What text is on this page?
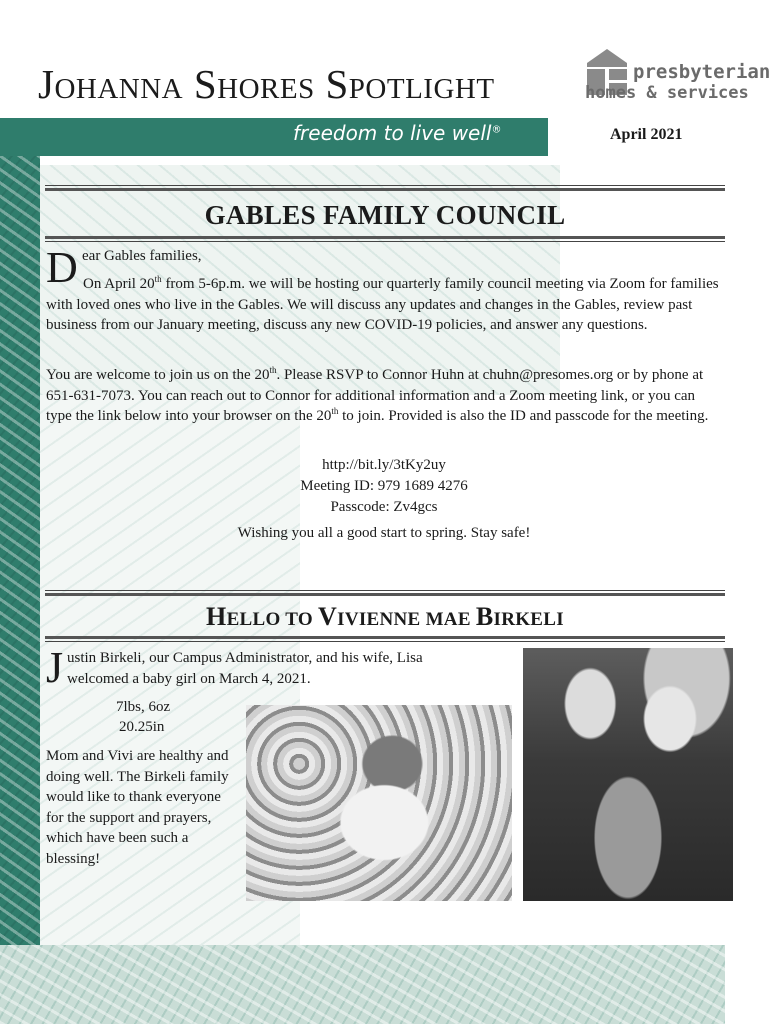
Johanna Shores Spotlight
freedom to live well®
presbyterian
homes & services
April 2021
GABLES FAMILY COUNCIL
D ear Gables families,
On April 20th from 5-6p.m. we will be hosting our quarterly family council meeting via Zoom for families with loved ones who live in the Gables. We will discuss any updates and changes in the Gables, review past business from our January meeting, discuss any new COVID-19 policies, and answer any questions.
You are welcome to join us on the 20th. Please RSVP to Connor Huhn at chuhn@presomes.org or by phone at 651-631-7073. You can reach out to Connor for additional information and a Zoom meeting link, or you can type the link below into your browser on the 20th to join. Provided is also the ID and passcode for the meeting.
http://bit.ly/3tKy2uy
Meeting ID: 979 1689 4276
Passcode: Zv4gcs
Wishing you all a good start to spring. Stay safe!
HELLO TO VIVIENNE MAE BIRKELI
J ustin Birkeli, our Campus Administrator, and his wife, Lisa welcomed a baby girl on March 4, 2021.
7lbs, 6oz
20.25in
Mom and Vivi are healthy and doing well. The Birkeli family would like to thank everyone for the support and prayers, which have been such a blessing!
